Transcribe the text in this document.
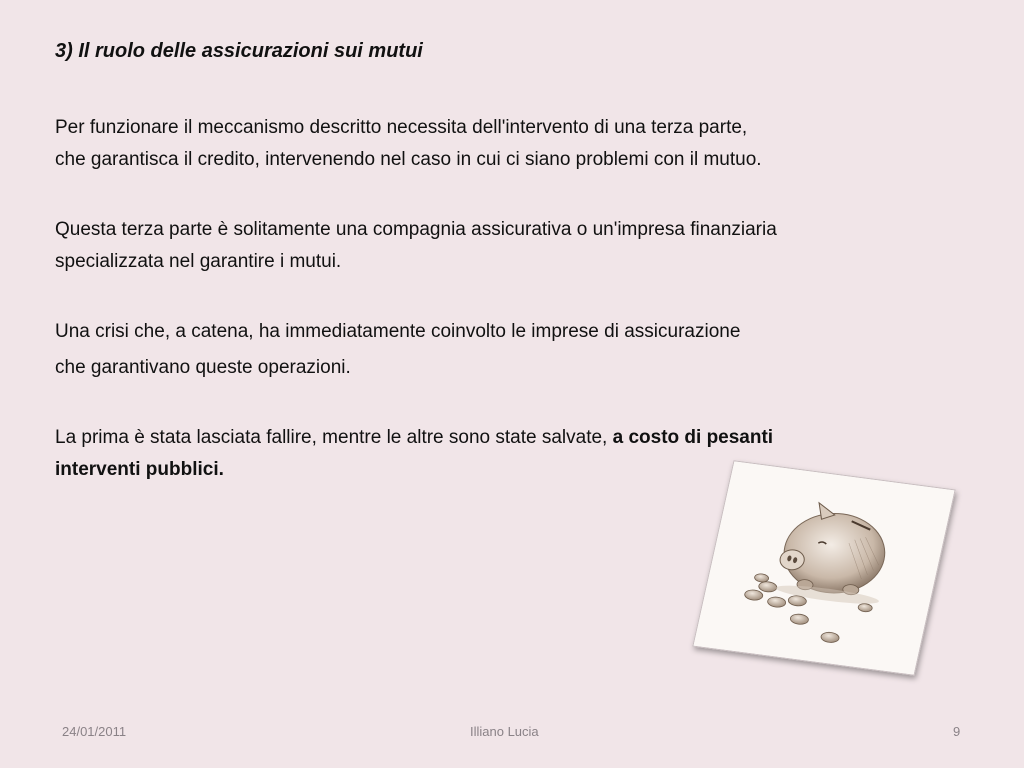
3) Il ruolo delle assicurazioni sui mutui
Per funzionare il meccanismo descritto necessita dell'intervento di una terza parte,
che garantisca il credito, intervenendo nel caso in cui ci siano problemi con il mutuo.
Questa terza parte è solitamente una compagnia assicurativa o un'impresa finanziaria
specializzata nel garantire i mutui.
Una crisi che, a catena, ha immediatamente coinvolto le imprese di assicurazione
che garantivano queste operazioni.
La prima è stata lasciata fallire, mentre le altre sono state salvate, a costo di pesanti
interventi pubblici.
24/01/2011	Illiano Lucia	9
